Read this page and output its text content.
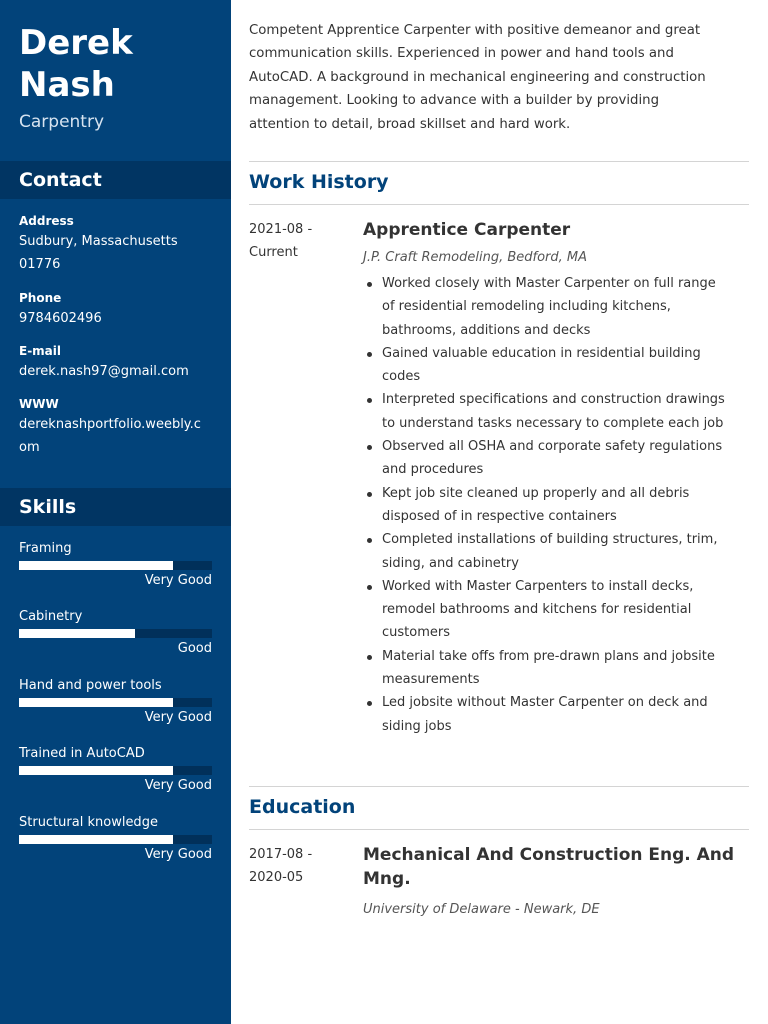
Derek
Nash
Carpentry
Contact
Address
Sudbury, Massachusetts
01776
Phone
9784602496
E-mail
derek.nash97@gmail.com
WWW
dereknashportfolio.weebly.c
om
Skills
Framing
Very Good
Cabinetry
Good
Hand and power tools
Very Good
Trained in AutoCAD
Very Good
Structural knowledge
Very Good
Competent Apprentice Carpenter with positive demeanor and great
communication skills. Experienced in power and hand tools and
AutoCAD. A background in mechanical engineering and construction
management. Looking to advance with a builder by providing
attention to detail, broad skillset and hard work.
Work History
2021-08 -
Current
Apprentice Carpenter
J.P. Craft Remodeling, Bedford, MA
Worked closely with Master Carpenter on full range
of residential remodeling including kitchens,
bathrooms, additions and decks
Gained valuable education in residential building
codes
Interpreted specifications and construction drawings
to understand tasks necessary to complete each job
Observed all OSHA and corporate safety regulations
and procedures
Kept job site cleaned up properly and all debris
disposed of in respective containers
Completed installations of building structures, trim,
siding, and cabinetry
Worked with Master Carpenters to install decks,
remodel bathrooms and kitchens for residential
customers
Material take offs from pre-drawn plans and jobsite
measurements
Led jobsite without Master Carpenter on deck and
siding jobs
Education
2017-08 -
2020-05
Mechanical And Construction Eng. And
Mng.
University of Delaware - Newark, DE
